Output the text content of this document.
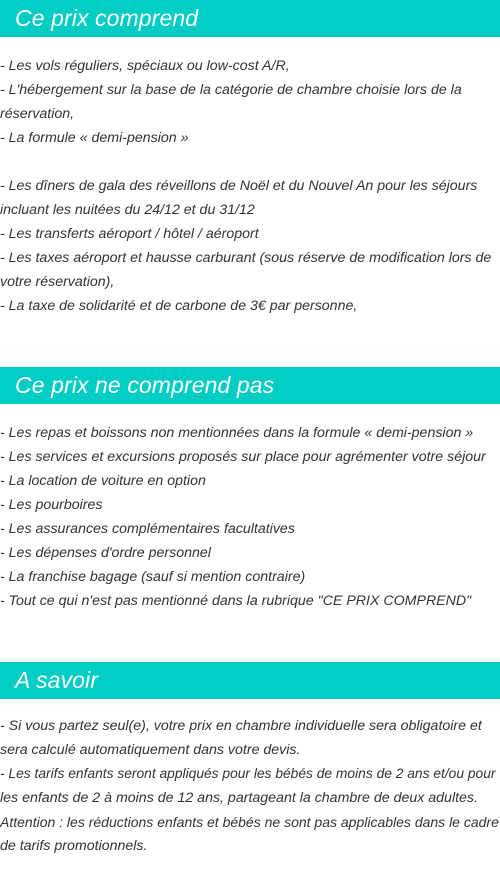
Ce prix comprend
- Les vols réguliers, spéciaux ou low-cost A/R,
- L'hébergement sur la base de la catégorie de chambre choisie lors de la
réservation,
- La formule « demi-pension »
- Les dîners de gala des réveillons de Noël et du Nouvel An pour les séjours
incluant les nuitées du 24/12 et du 31/12
- Les transferts aéroport / hôtel / aéroport
- Les taxes aéroport et hausse carburant (sous réserve de modification lors de
votre réservation),
- La taxe de solidarité et de carbone de 3€ par personne,
Ce prix ne comprend pas
- Les repas et boissons non mentionnées dans la formule « demi-pension »
- Les services et excursions proposés sur place pour agrémenter votre séjour
- La location de voiture en option
- Les pourboires
- Les assurances complémentaires facultatives
- Les dépenses d'ordre personnel
- La franchise bagage (sauf si mention contraire)
- Tout ce qui n'est pas mentionné dans la rubrique "CE PRIX COMPREND"
A savoir
- Si vous partez seul(e), votre prix en chambre individuelle sera obligatoire et
sera calculé automatiquement dans votre devis.
- Les tarifs enfants seront appliqués pour les bébés de moins de 2 ans et/ou pour
les enfants de 2 à moins de 12 ans, partageant la chambre de deux adultes.
Attention : les réductions enfants et bébés ne sont pas applicables dans le cadre
de tarifs promotionnels.
